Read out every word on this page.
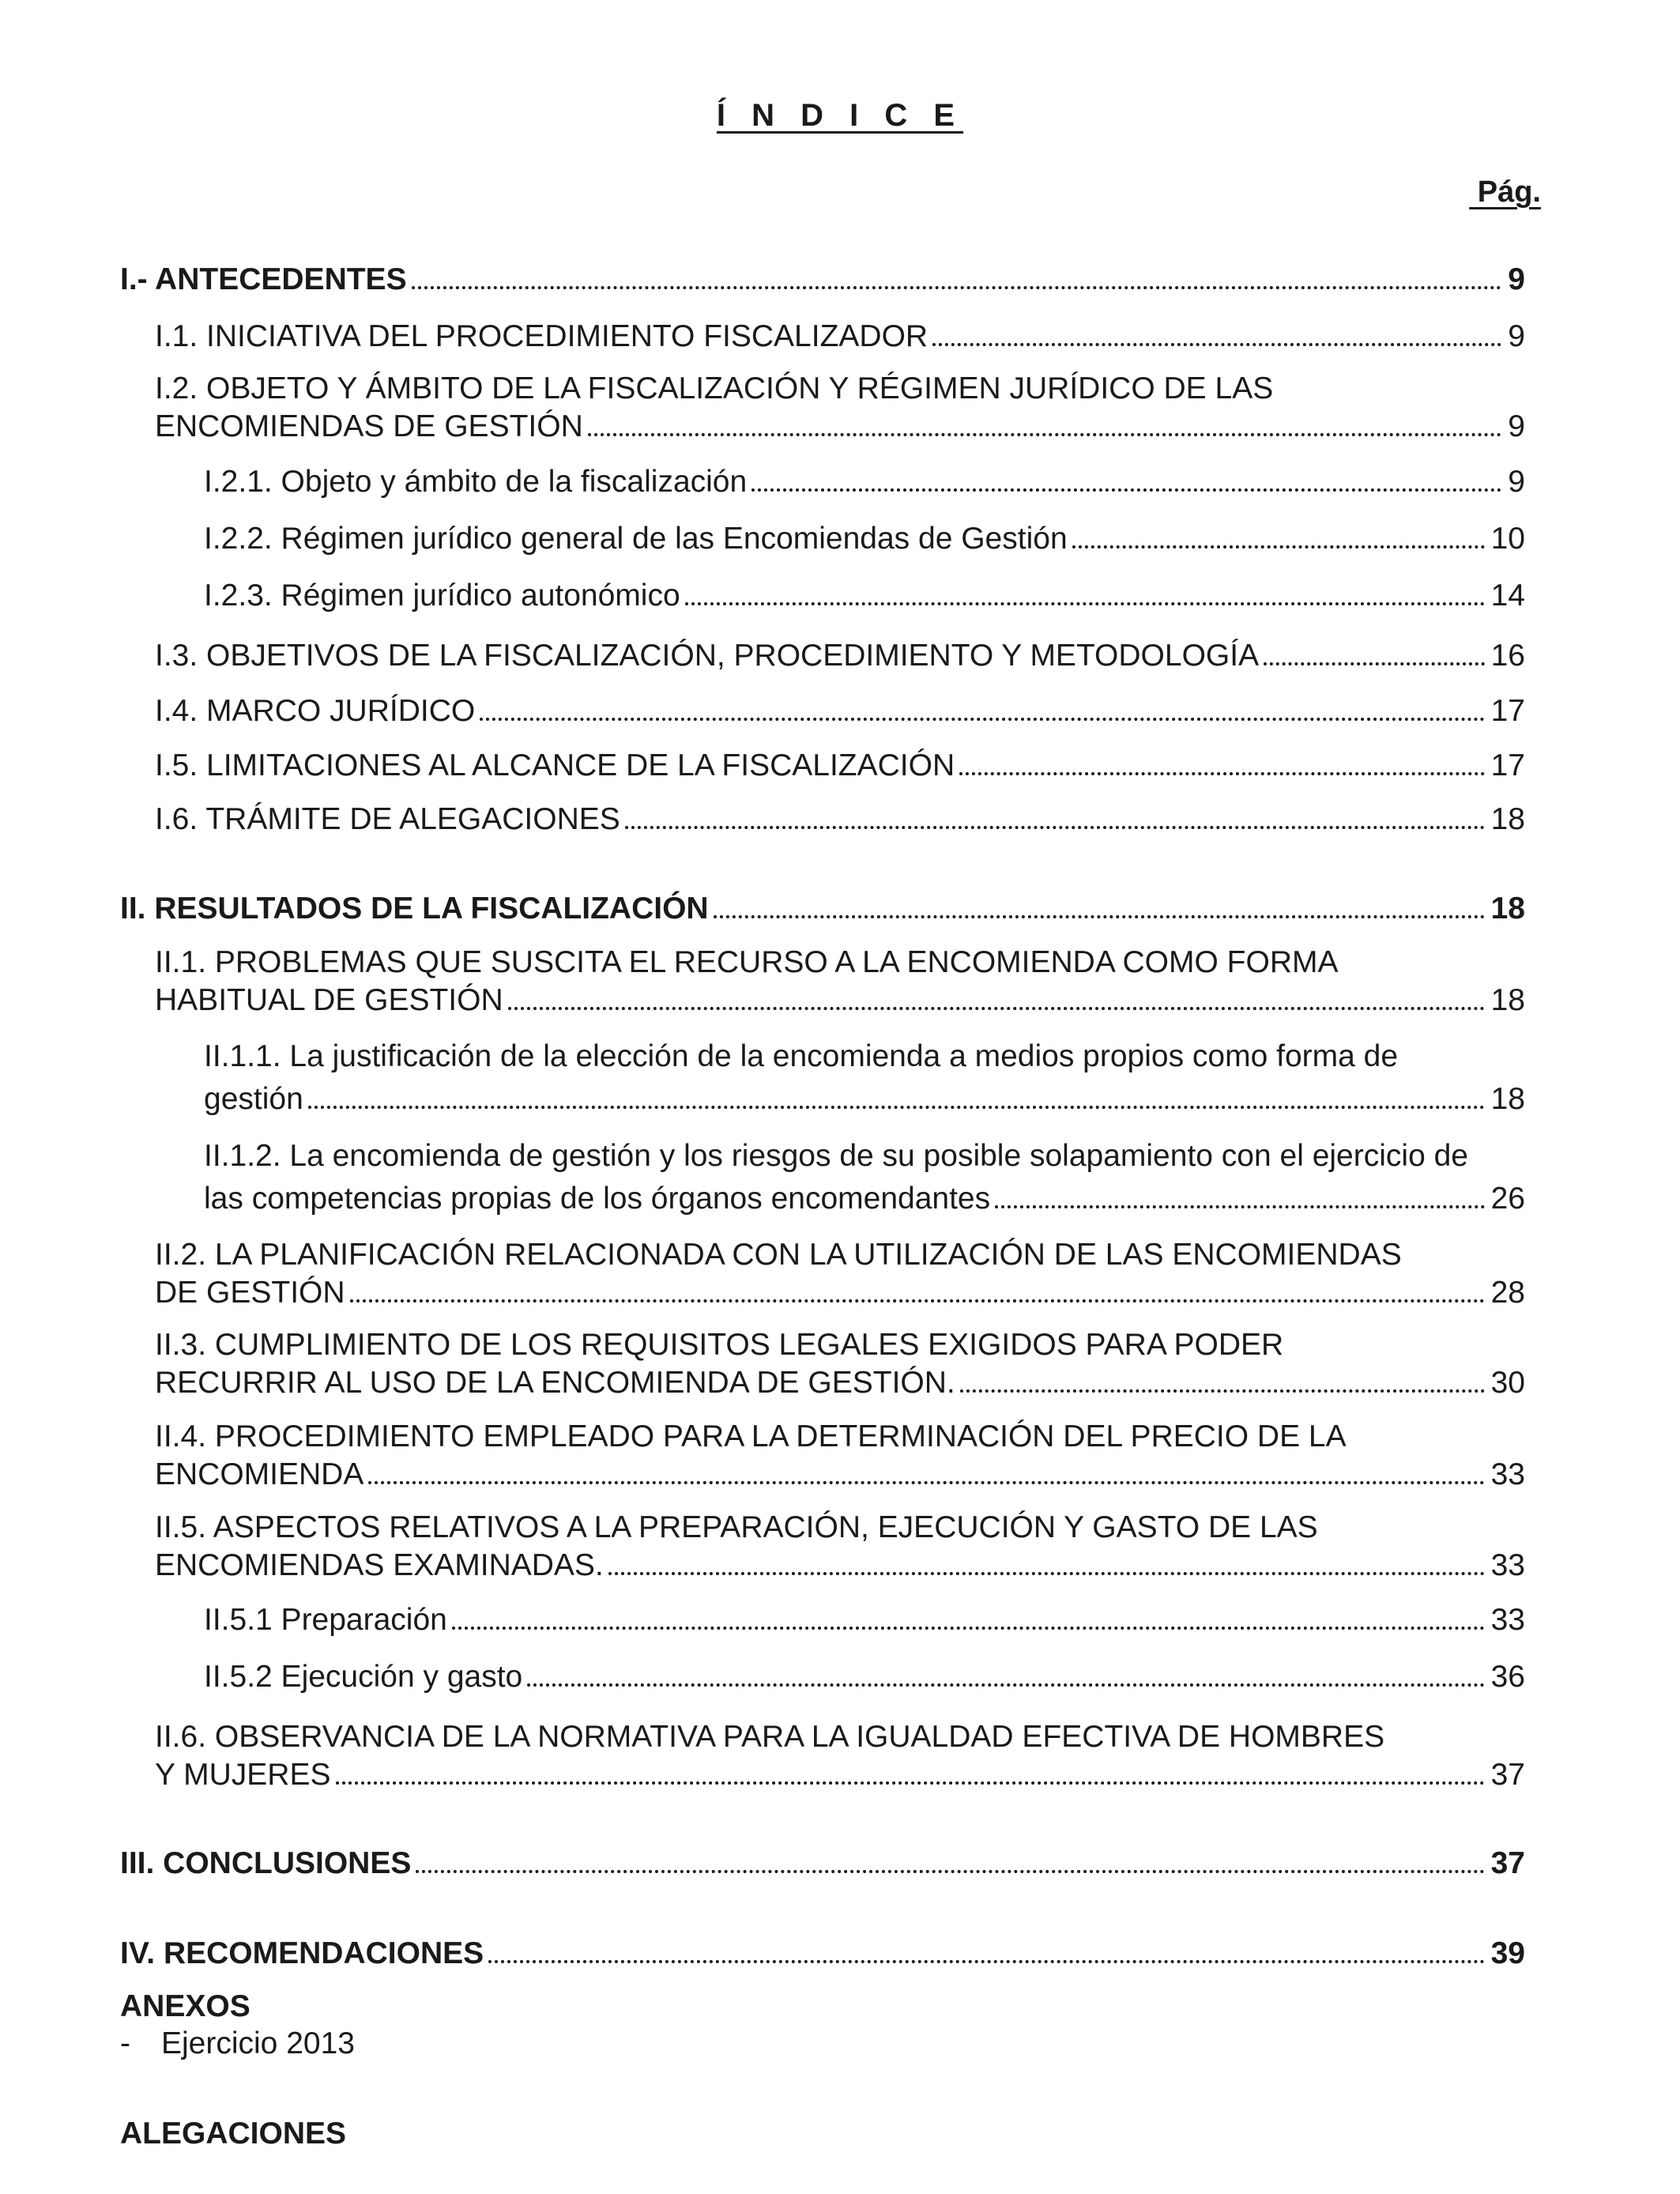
Í N D I C E
Pág.
I.- ANTECEDENTES	9
I.1. INICIATIVA DEL PROCEDIMIENTO FISCALIZADOR	9
I.2. OBJETO Y ÁMBITO DE LA FISCALIZACIÓN Y RÉGIMEN JURÍDICO DE LAS
ENCOMIENDAS DE GESTIÓN	9
I.2.1. Objeto y ámbito de la fiscalización	9
I.2.2. Régimen jurídico general de las Encomiendas de Gestión	10
I.2.3. Régimen jurídico autonómico	14
I.3. OBJETIVOS DE LA FISCALIZACIÓN, PROCEDIMIENTO Y METODOLOGÍA	16
I.4. MARCO JURÍDICO	17
I.5. LIMITACIONES AL ALCANCE DE LA FISCALIZACIÓN	17
I.6. TRÁMITE DE ALEGACIONES	18
II. RESULTADOS DE LA FISCALIZACIÓN	18
II.1. PROBLEMAS QUE SUSCITA EL RECURSO A LA ENCOMIENDA COMO FORMA
HABITUAL DE GESTIÓN	18
II.1.1. La justificación de la elección de la encomienda a medios propios como forma de
gestión	18
II.1.2. La encomienda de gestión y los riesgos de su posible solapamiento con el ejercicio de
las competencias propias de los órganos encomendantes	26
II.2. LA PLANIFICACIÓN RELACIONADA CON LA UTILIZACIÓN DE LAS ENCOMIENDAS
DE GESTIÓN	28
II.3. CUMPLIMIENTO DE LOS REQUISITOS LEGALES EXIGIDOS PARA PODER
RECURRIR AL USO DE LA ENCOMIENDA DE GESTIÓN.	30
II.4. PROCEDIMIENTO EMPLEADO PARA LA DETERMINACIÓN DEL PRECIO DE LA
ENCOMIENDA	33
II.5. ASPECTOS RELATIVOS A LA PREPARACIÓN, EJECUCIÓN Y GASTO DE LAS
ENCOMIENDAS EXAMINADAS.	33
II.5.1 Preparación	33
II.5.2 Ejecución y gasto	36
II.6. OBSERVANCIA DE LA NORMATIVA PARA LA IGUALDAD EFECTIVA DE HOMBRES
Y MUJERES	37
III. CONCLUSIONES	37
IV. RECOMENDACIONES	39
ANEXOS
- Ejercicio 2013
ALEGACIONES
